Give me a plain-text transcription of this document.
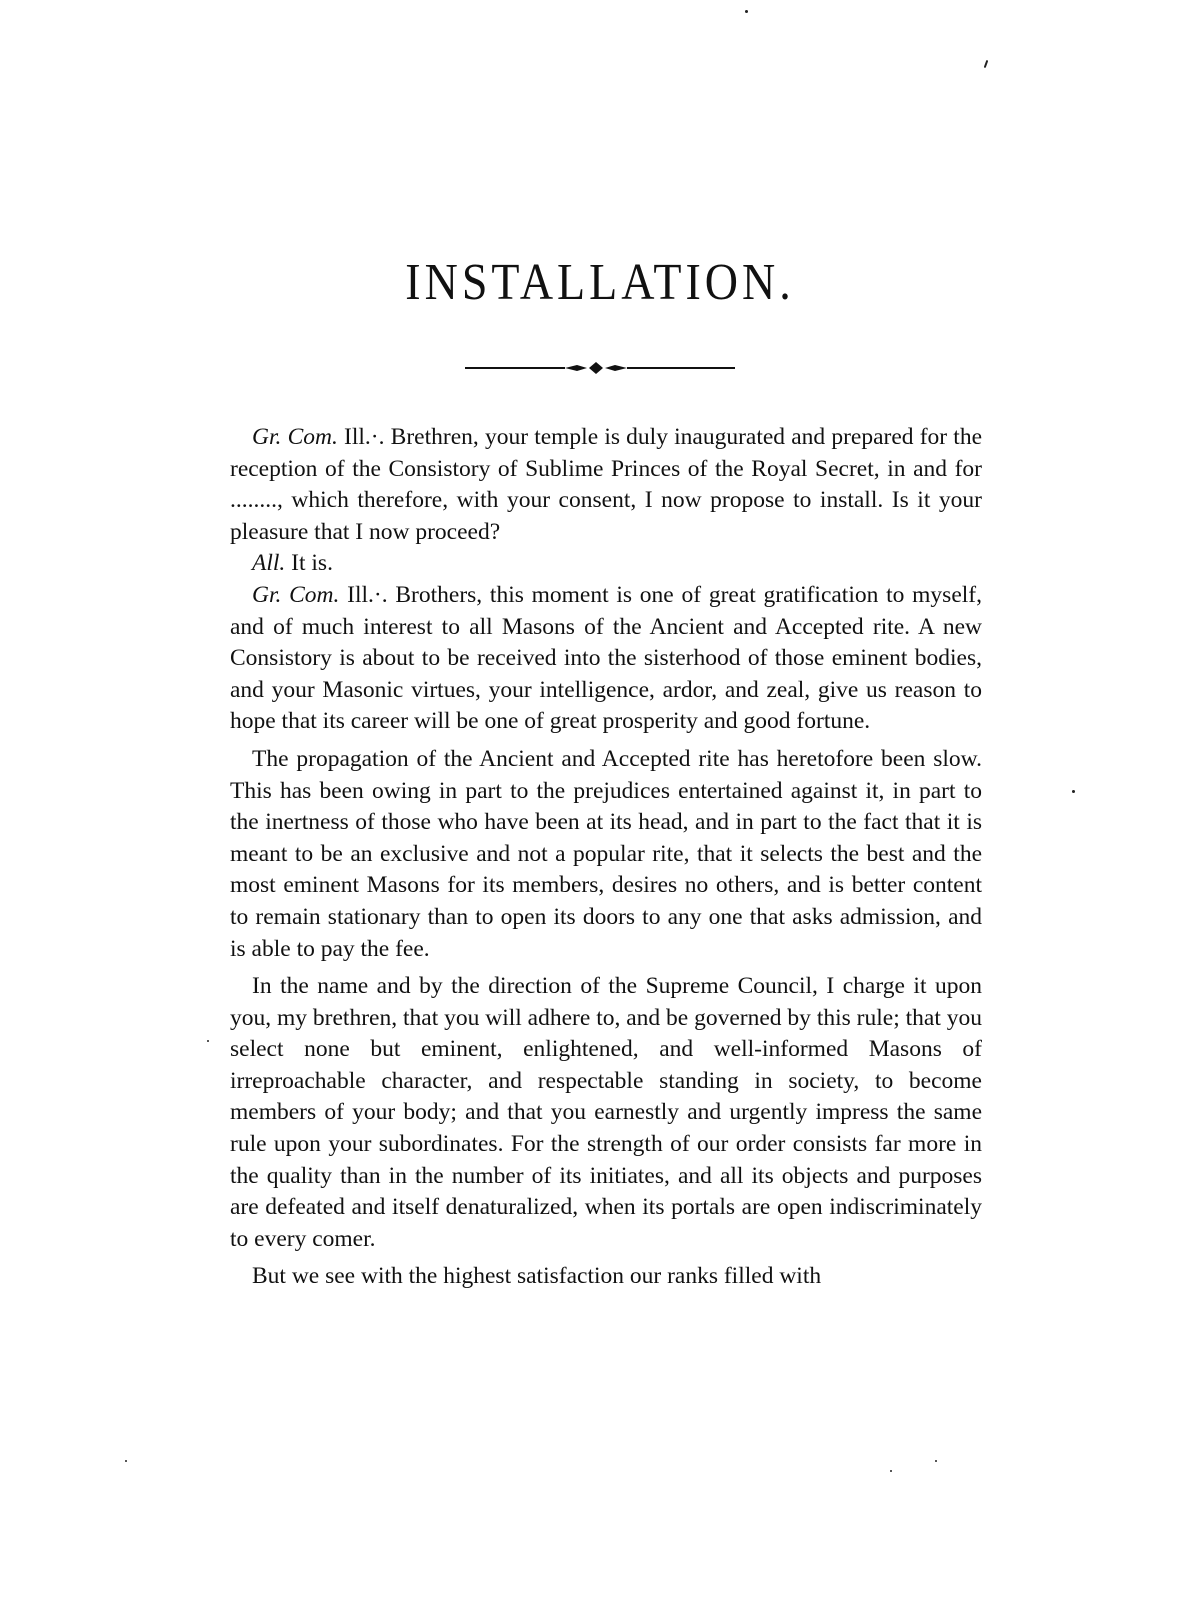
INSTALLATION.

Gr. Com. Ill.·. Brethren, your temple is duly inaugurated and prepared for the reception of the Consistory of Sublime Princes of the Royal Secret, in and for ........, which therefore, with your consent, I now propose to install. Is it your pleasure that I now proceed?

All. It is.

Gr. Com. Ill.·. Brothers, this moment is one of great gratification to myself, and of much interest to all Masons of the Ancient and Accepted rite. A new Consistory is about to be received into the sisterhood of those eminent bodies, and your Masonic virtues, your intelligence, ardor, and zeal, give us reason to hope that its career will be one of great prosperity and good fortune.

The propagation of the Ancient and Accepted rite has heretofore been slow. This has been owing in part to the prejudices entertained against it, in part to the inertness of those who have been at its head, and in part to the fact that it is meant to be an exclusive and not a popular rite, that it selects the best and the most eminent Masons for its members, desires no others, and is better content to remain stationary than to open its doors to any one that asks admission, and is able to pay the fee.

In the name and by the direction of the Supreme Council, I charge it upon you, my brethren, that you will adhere to, and be governed by this rule; that you select none but eminent, enlightened, and well-informed Masons of irreproachable character, and respectable standing in society, to become members of your body; and that you earnestly and urgently impress the same rule upon your subordinates. For the strength of our order consists far more in the quality than in the number of its initiates, and all its objects and purposes are defeated and itself denaturalized, when its portals are open indiscriminately to every comer.

But we see with the highest satisfaction our ranks filled with
